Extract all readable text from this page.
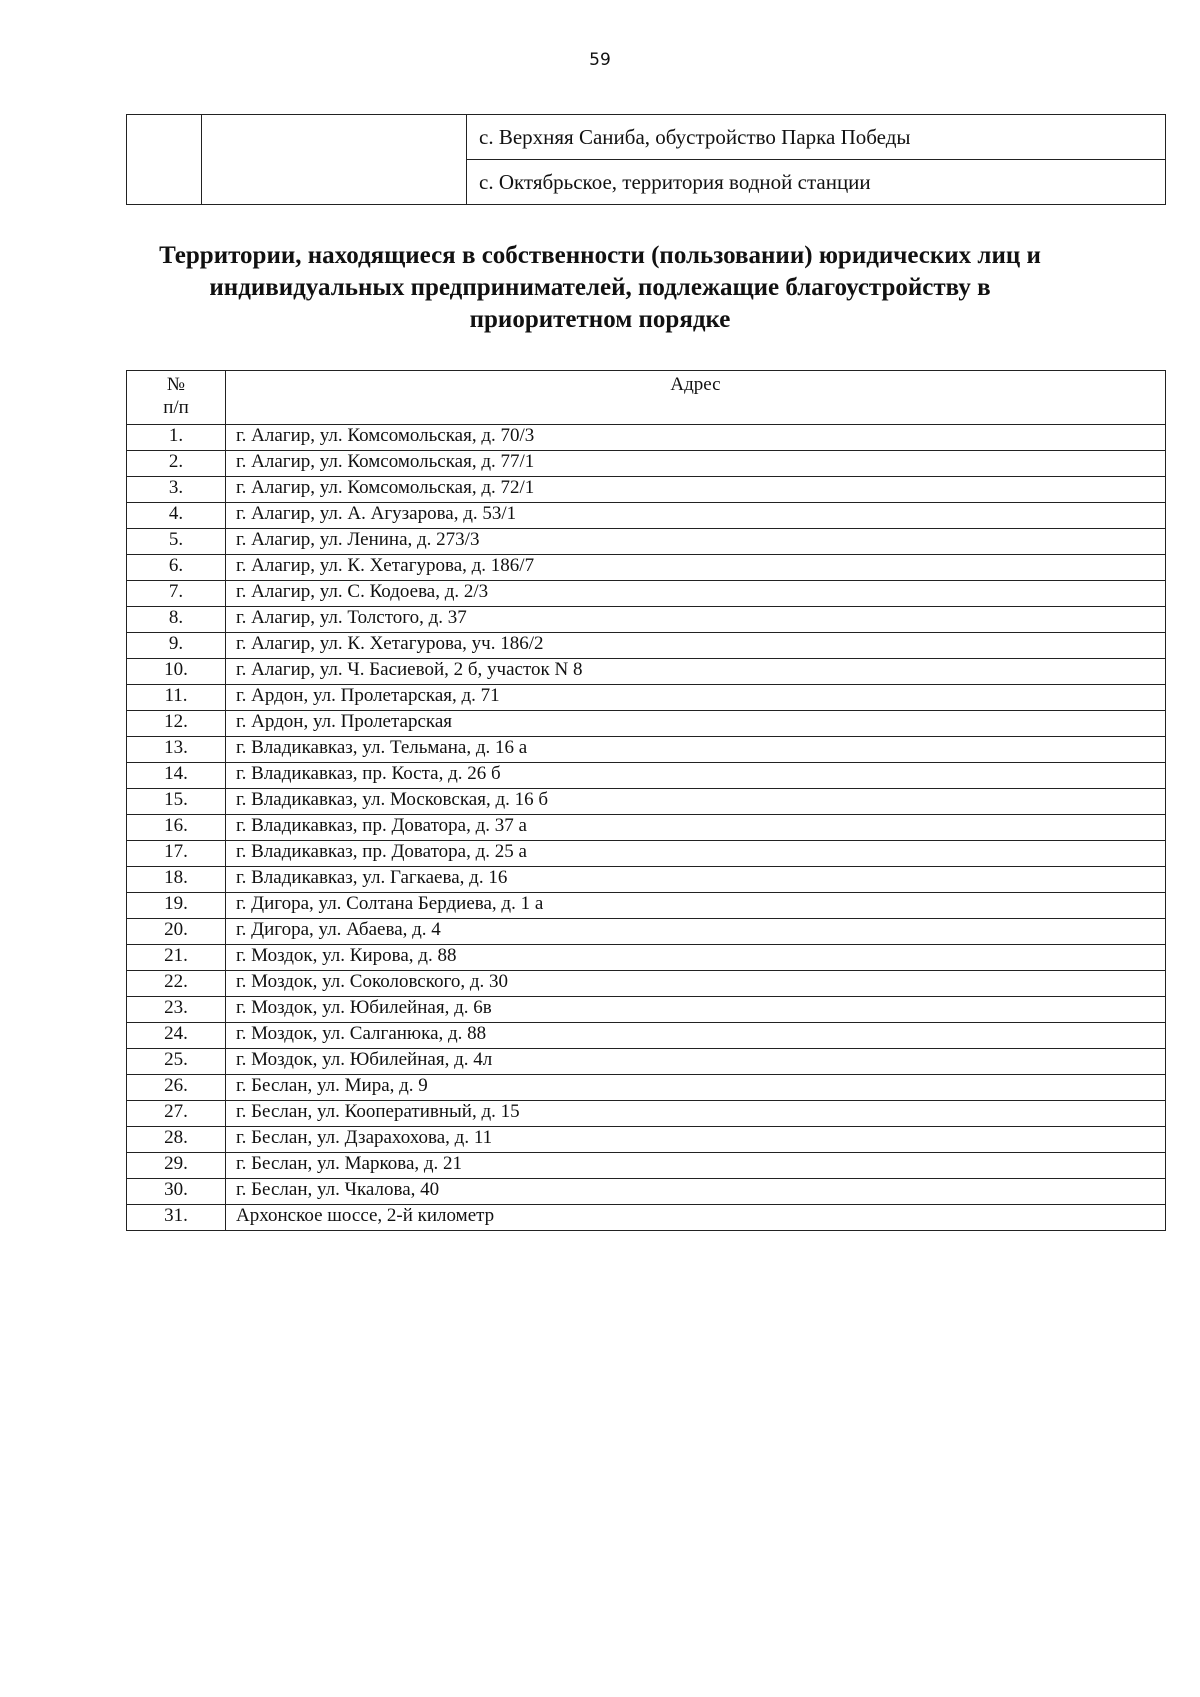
59
		с. Верхняя Саниба, обустройство Парка Победы
с. Октябрьское, территория водной станции
Территории, находящиеся в собственности (пользовании) юридических лиц и
индивидуальных предпринимателей, подлежащие благоустройству в
приоритетном порядке
№
п/п	Адрес
1.	г. Алагир, ул. Комсомольская, д. 70/3
2.	г. Алагир, ул. Комсомольская, д. 77/1
3.	г. Алагир, ул. Комсомольская, д. 72/1
4.	г. Алагир, ул. А. Агузарова, д. 53/1
5.	г. Алагир, ул. Ленина, д. 273/3
6.	г. Алагир, ул. К. Хетагурова, д. 186/7
7.	г. Алагир, ул. С. Кодоева, д. 2/3
8.	г. Алагир, ул. Толстого, д. 37
9.	г. Алагир, ул. К. Хетагурова, уч. 186/2
10.	г. Алагир, ул. Ч. Басиевой, 2 б, участок N 8
11.	г. Ардон, ул. Пролетарская, д. 71
12.	г. Ардон, ул. Пролетарская
13.	г. Владикавказ, ул. Тельмана, д. 16 а
14.	г. Владикавказ, пр. Коста, д. 26 б
15.	г. Владикавказ, ул. Московская, д. 16 б
16.	г. Владикавказ, пр. Доватора, д. 37 а
17.	г. Владикавказ, пр. Доватора, д. 25 а
18.	г. Владикавказ, ул. Гагкаева, д. 16
19.	г. Дигора, ул. Солтана Бердиева, д. 1 а
20.	г. Дигора, ул. Абаева, д. 4
21.	г. Моздок, ул. Кирова, д. 88
22.	г. Моздок, ул. Соколовского, д. 30
23.	г. Моздок, ул. Юбилейная, д. 6в
24.	г. Моздок, ул. Салганюка, д. 88
25.	г. Моздок, ул. Юбилейная, д. 4л
26.	г. Беслан, ул. Мира, д. 9
27.	г. Беслан, ул. Кооперативный, д. 15
28.	г. Беслан, ул. Дзарахохова, д. 11
29.	г. Беслан, ул. Маркова, д. 21
30.	г. Беслан, ул. Чкалова, 40
31.	Архонское шоссе, 2-й километр
